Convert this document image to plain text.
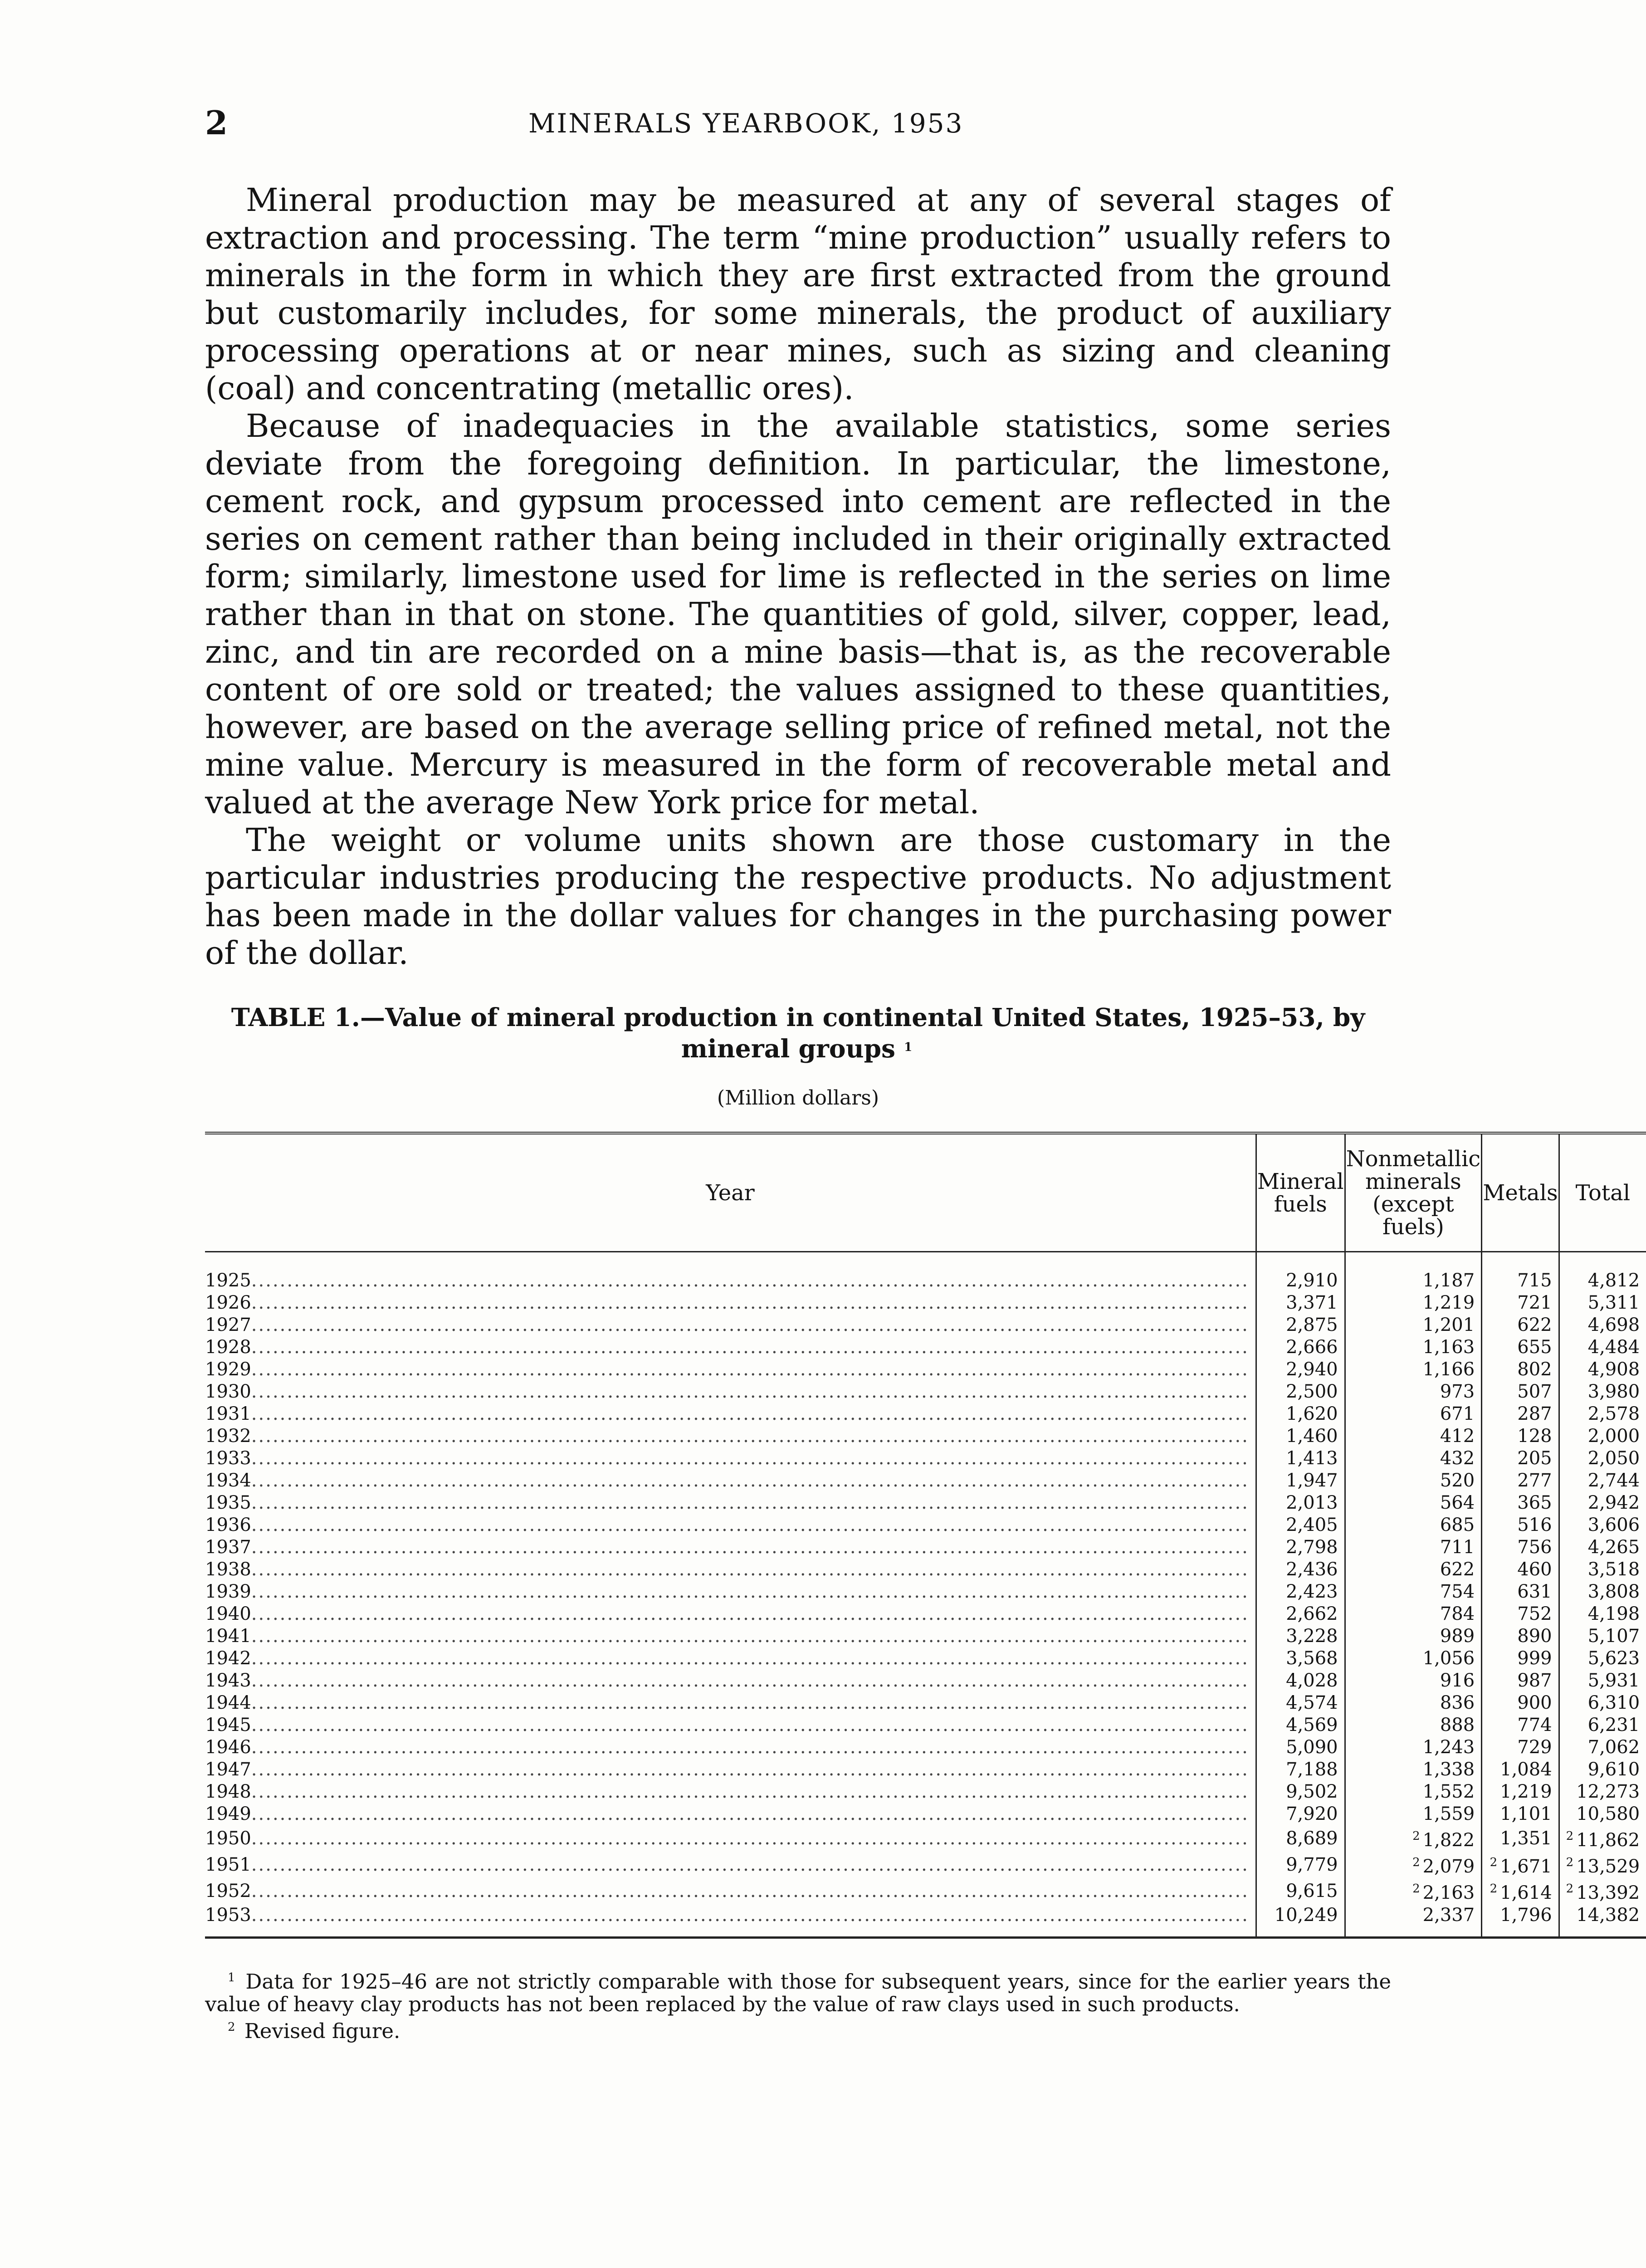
2	MINERALS YEARBOOK, 1953

Mineral production may be measured at any of several stages of extraction and processing. The term “mine production” usually refers to minerals in the form in which they are first extracted from the ground but customarily includes, for some minerals, the product of auxiliary processing operations at or near mines, such as sizing and cleaning (coal) and concentrating (metallic ores).

Because of inadequacies in the available statistics, some series deviate from the foregoing definition. In particular, the limestone, cement rock, and gypsum processed into cement are reflected in the series on cement rather than being included in their originally extracted form; similarly, limestone used for lime is reflected in the series on lime rather than in that on stone. The quantities of gold, silver, copper, lead, zinc, and tin are recorded on a mine basis—that is, as the recoverable content of ore sold or treated; the values assigned to these quantities, however, are based on the average selling price of refined metal, not the mine value. Mercury is measured in the form of recoverable metal and valued at the average New York price for metal.

The weight or volume units shown are those customary in the particular industries producing the respective products. No adjustment has been made in the dollar values for changes in the purchasing power of the dollar.

TABLE 1.—Value of mineral production in continental United States, 1925–53, by mineral groups $^1$
(Million dollars)
Year	Mineral fuels	Nonmetallic minerals (except fuels)	Metals	Total

1925............................................................................................................................................	2,910	1,187	715	4,812
1926............................................................................................................................................	3,371	1,219	721	5,311
1927............................................................................................................................................	2,875	1,201	622	4,698
1928............................................................................................................................................	2,666	1,163	655	4,484
1929............................................................................................................................................	2,940	1,166	802	4,908
1930............................................................................................................................................	2,500	973	507	3,980
1931............................................................................................................................................	1,620	671	287	2,578
1932............................................................................................................................................	1,460	412	128	2,000
1933............................................................................................................................................	1,413	432	205	2,050
1934............................................................................................................................................	1,947	520	277	2,744
1935............................................................................................................................................	2,013	564	365	2,942
1936............................................................................................................................................	2,405	685	516	3,606
1937............................................................................................................................................	2,798	711	756	4,265
1938............................................................................................................................................	2,436	622	460	3,518
1939............................................................................................................................................	2,423	754	631	3,808
1940............................................................................................................................................	2,662	784	752	4,198
1941............................................................................................................................................	3,228	989	890	5,107
1942............................................................................................................................................	3,568	1,056	999	5,623
1943............................................................................................................................................	4,028	916	987	5,931
1944............................................................................................................................................	4,574	836	900	6,310
1945............................................................................................................................................	4,569	888	774	6,231
1946............................................................................................................................................	5,090	1,243	729	7,062
1947............................................................................................................................................	7,188	1,338	1,084	9,610
1948............................................................................................................................................	9,502	1,552	1,219	12,273
1949............................................................................................................................................	7,920	1,559	1,101	10,580
1950............................................................................................................................................	8,689	$^2$ 1,822	1,351	$^2$ 11,862
1951............................................................................................................................................	9,779	$^2$ 2,079	$^2$ 1,671	$^2$ 13,529
1952............................................................................................................................................	9,615	$^2$ 2,163	$^2$ 1,614	$^2$ 13,392
1953............................................................................................................................................	10,249	2,337	1,796	14,382

$^1$ Data for 1925–46 are not strictly comparable with those for subsequent years, since for the earlier years the value of heavy clay products has not been replaced by the value of raw clays used in such products.

$^2$ Revised figure.
